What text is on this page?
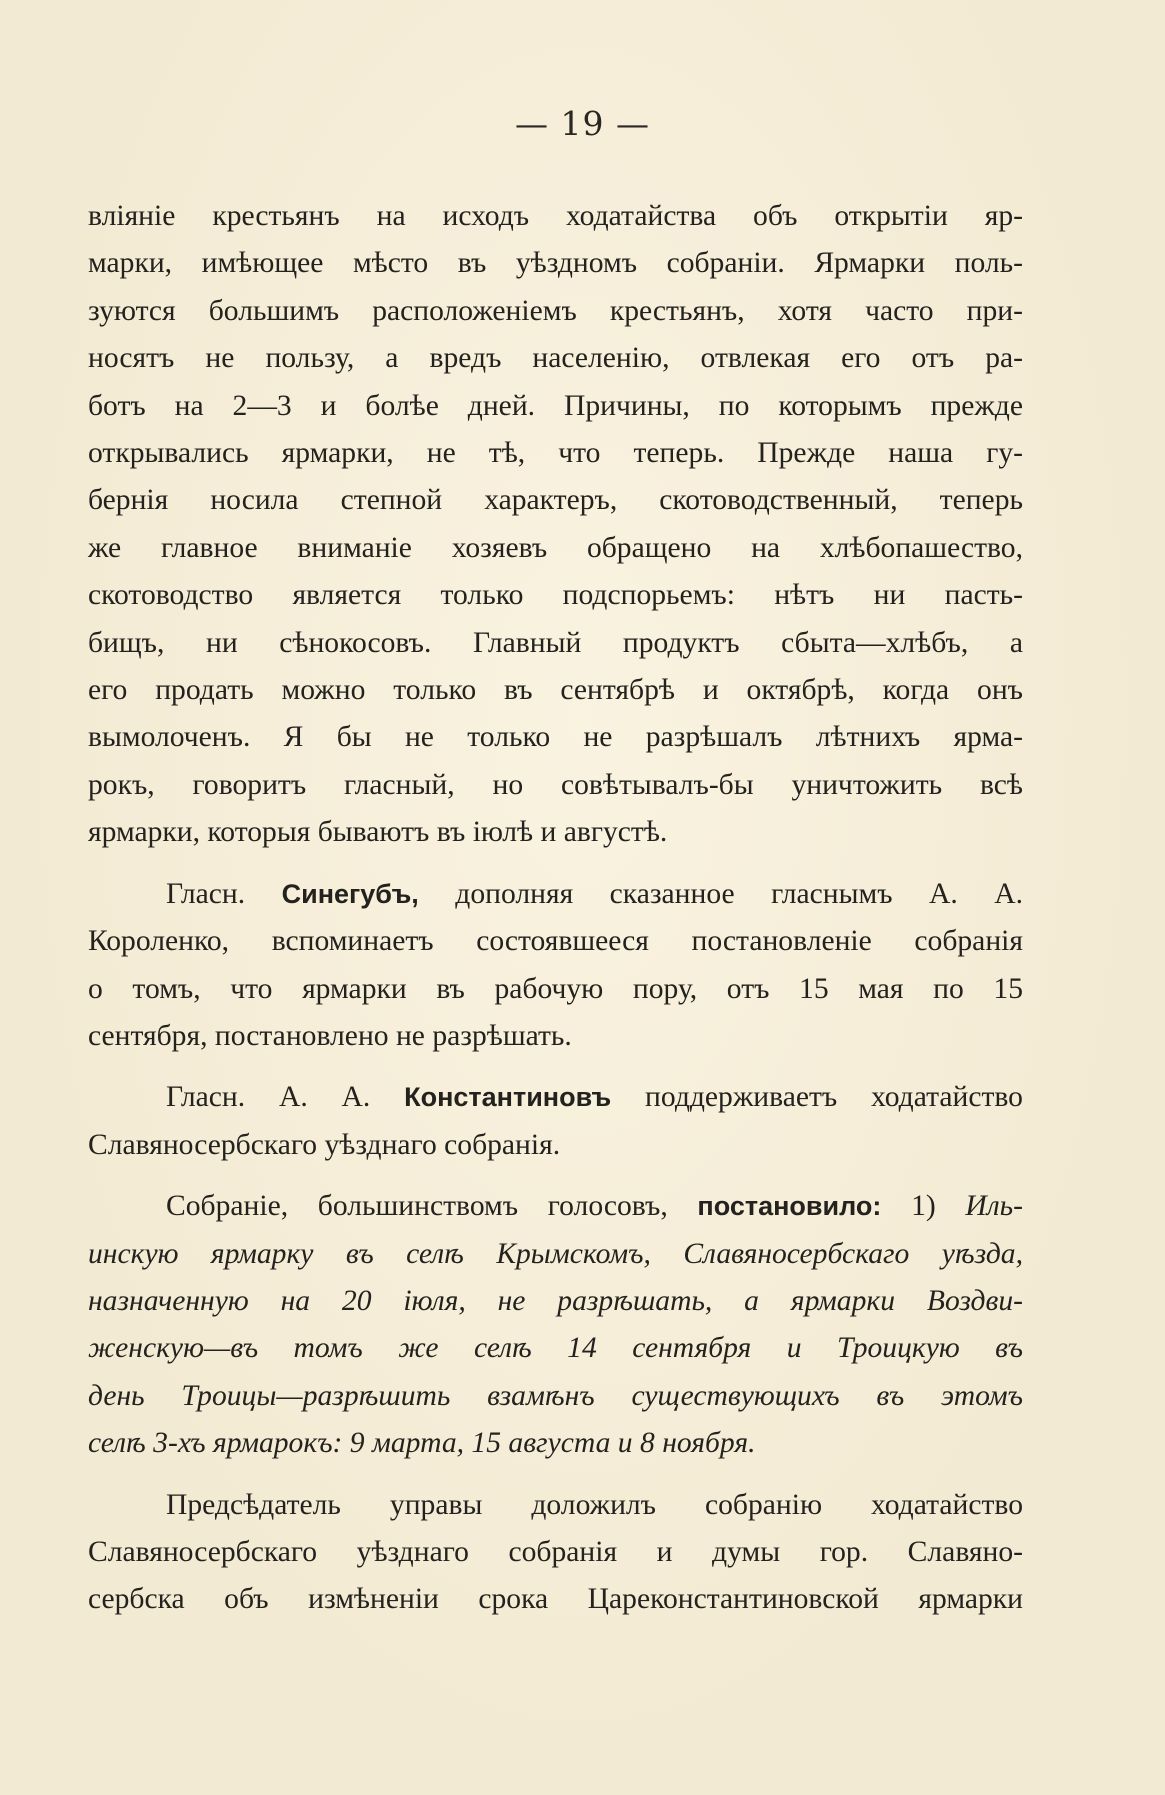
— 19 —
вліяніе крестьянъ на исходъ ходатайства объ открытіи яр-
марки, имѣющее мѣсто въ уѣздномъ собраніи. Ярмарки поль-
зуются большимъ расположеніемъ крестьянъ, хотя часто при-
носятъ не пользу, а вредъ населенію, отвлекая его отъ ра-
ботъ на 2—3 и болѣе дней. Причины, по которымъ прежде
открывались ярмарки, не тѣ, что теперь. Прежде наша гу-
бернія носила степной характеръ, скотоводственный, теперь
же главное вниманіе хозяевъ обращено на хлѣбопашество,
скотоводство является только подспорьемъ: нѣтъ ни пасть-
бищъ, ни сѣнокосовъ. Главный продуктъ сбыта—хлѣбъ, а
его продать можно только въ сентябрѣ и октябрѣ, когда онъ
вымолоченъ. Я бы не только не разрѣшалъ лѣтнихъ ярма-
рокъ, говоритъ гласный, но совѣтывалъ-бы уничтожить всѣ
ярмарки, которыя бываютъ въ іюлѣ и августѣ.
Гласн. Синегубъ, дополняя сказанное гласнымъ А. А.
Короленко, вспоминаетъ состоявшееся постановленіе собранія
о томъ, что ярмарки въ рабочую пору, отъ 15 мая по 15
сентября, постановлено не разрѣшать.
Гласн. А. А. Константиновъ поддерживаетъ ходатайство
Славяносербскаго уѣзднаго собранія.
Собраніе, большинствомъ голосовъ, постановило: 1) Иль-
инскую ярмарку въ селѣ Крымскомъ, Славяносербскаго уѣзда,
назначенную на 20 іюля, не разрѣшать, а ярмарки Воздви-
женскую—въ томъ же селѣ 14 сентября и Троицкую въ
день Троицы—разрѣшить взамѣнъ существующихъ въ этомъ
селѣ 3-хъ ярмарокъ: 9 марта, 15 августа и 8 ноября.
Предсѣдатель управы доложилъ собранію ходатайство
Славяносербскаго уѣзднаго собранія и думы гор. Славяно-
сербска объ измѣненіи срока Цареконстантиновской ярмарки
